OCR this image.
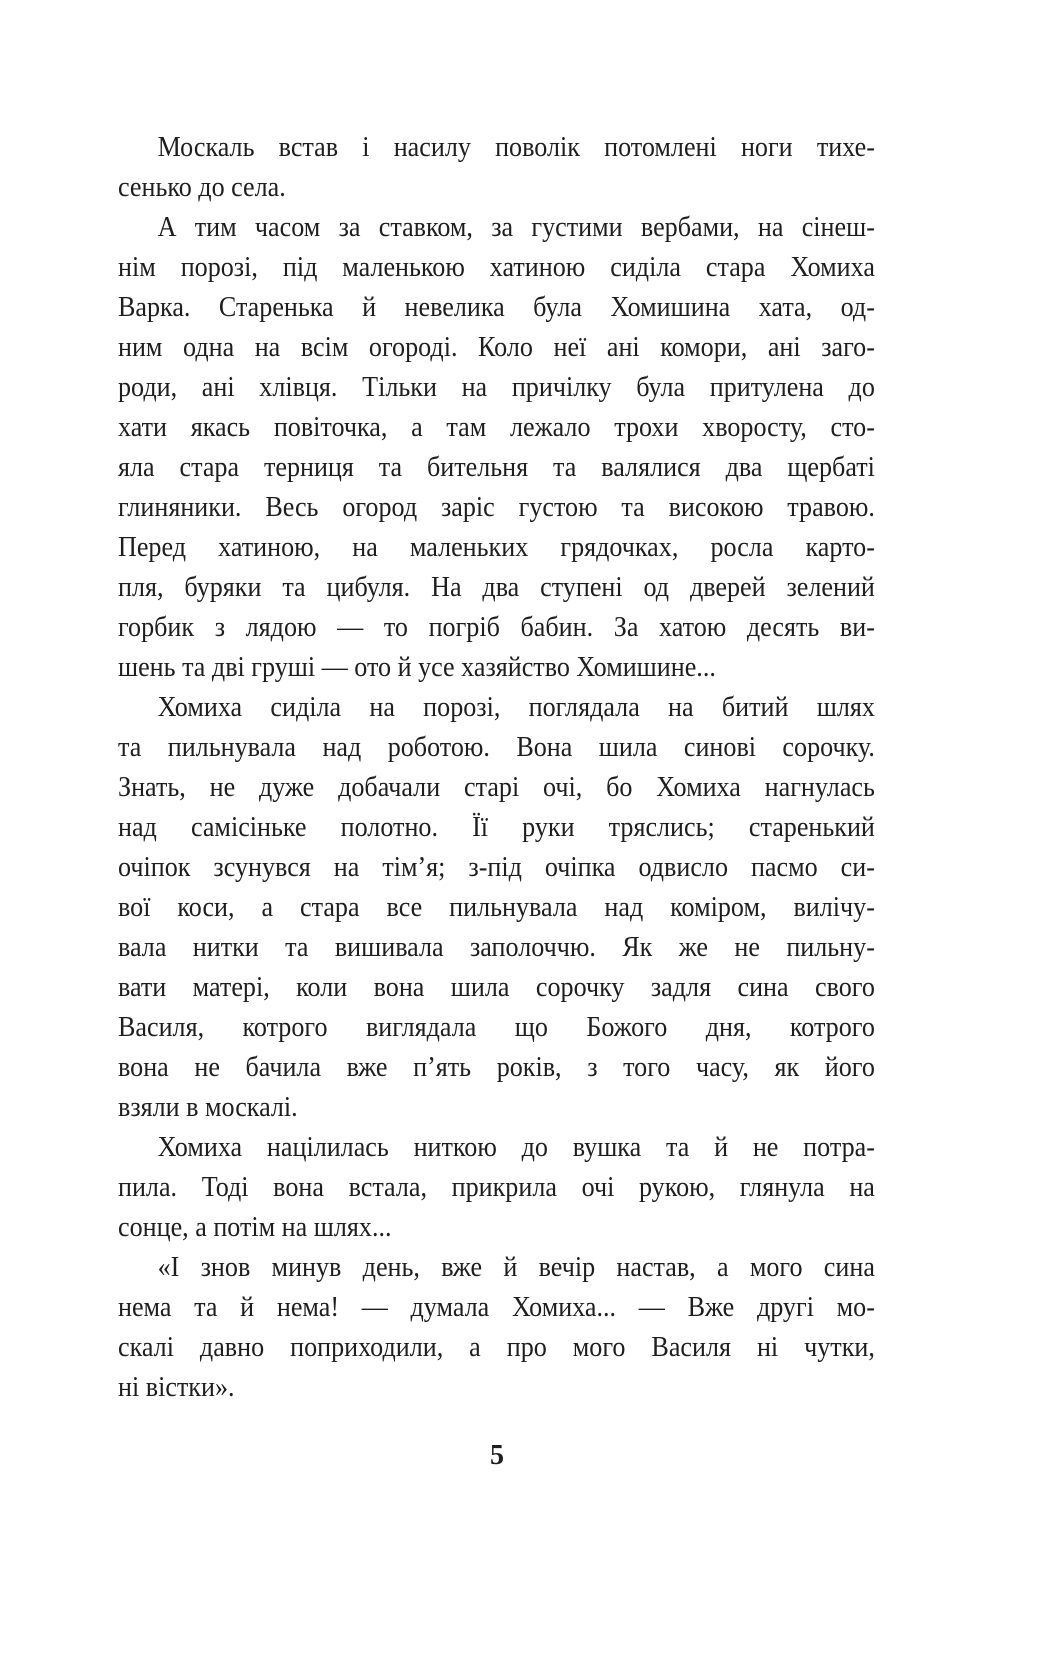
Москаль встав і насилу поволік потомлені ноги тихе-
сенько до села.
А тим часом за ставком, за густими вербами, на сінеш-
нім порозі, під маленькою хатиною сиділа стара Хомиха
Варка. Старенька й невелика була Хомишина хата, од-
ним одна на всім огороді. Коло неї ані комори, ані заго-
роди, ані хлівця. Тільки на причілку була притулена до
хати якась повіточка, а там лежало трохи хворосту, сто-
яла стара терниця та бительня та валялися два щербаті
глиняники. Весь огород заріс густою та високою травою.
Перед хатиною, на маленьких грядочках, росла карто-
пля, буряки та цибуля. На два ступені од дверей зелений
горбик з лядою — то погріб бабин. За хатою десять ви-
шень та дві груші — ото й усе хазяйство Хомишине...
Хомиха сиділа на порозі, поглядала на битий шлях
та пильнувала над роботою. Вона шила синові сорочку.
Знать, не дуже добачали старі очі, бо Хомиха нагнулась
над самісіньке полотно. Її руки тряслись; старенький
очіпок зсунувся на тім’я; з-під очіпка одвисло пасмо си-
вої коси, а стара все пильнувала над коміром, вилічу-
вала нитки та вишивала заполоччю. Як же не пильну-
вати матері, коли вона шила сорочку задля сина свого
Василя, котрого виглядала що Божого дня, котрого
вона не бачила вже п’ять років, з того часу, як його
взяли в москалі.
Хомиха націлилась ниткою до вушка та й не потра-
пила. Тоді вона встала, прикрила очі рукою, глянула на
сонце, а потім на шлях...
«І знов минув день, вже й вечір настав, а мого сина
нема та й нема! — думала Хомиха... — Вже другі мо-
скалі давно поприходили, а про мого Василя ні чутки,
ні вістки».
5
